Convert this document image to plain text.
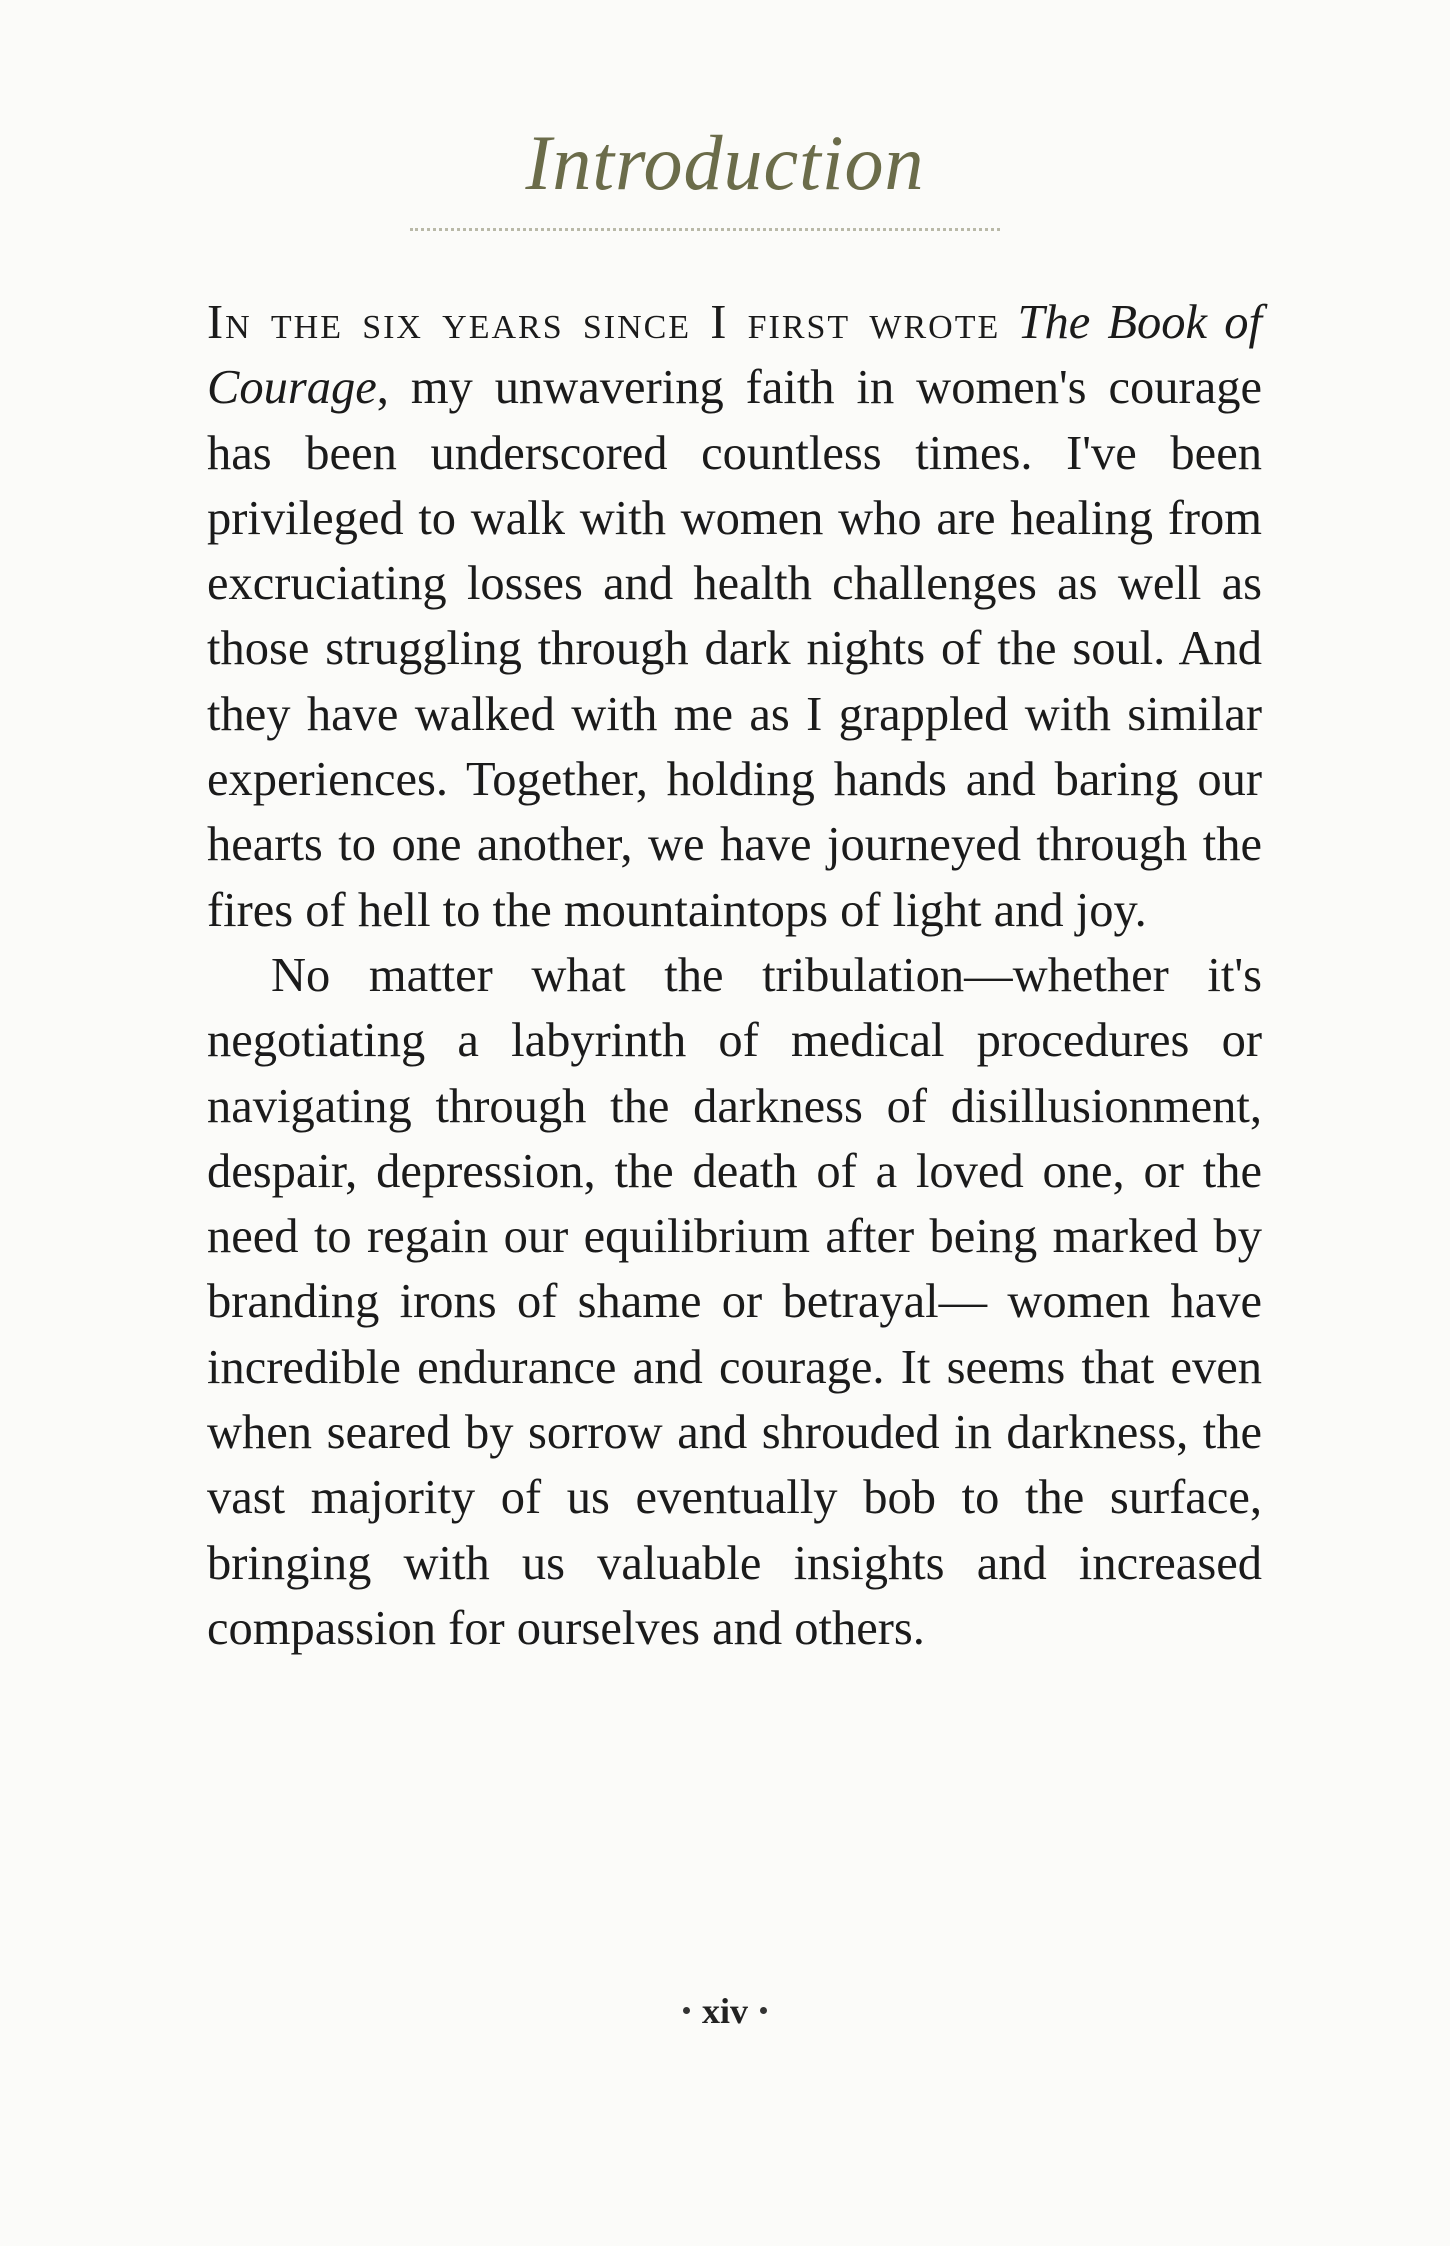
Introduction

In the six years since I first wrote The Book of Courage, my unwavering faith in women's courage has been underscored countless times. I've been privileged to walk with women who are healing from excruciating losses and health challenges as well as those struggling through dark nights of the soul. And they have walked with me as I grappled with similar experiences. Together, holding hands and baring our hearts to one another, we have journeyed through the fires of hell to the mountaintops of light and joy.

No matter what the tribulation—whether it's negotiating a labyrinth of medical procedures or navigating through the darkness of disillusionment, despair, depression, the death of a loved one, or the need to regain our equilibrium after being marked by branding irons of shame or betrayal— women have incredible endurance and courage. It seems that even when seared by sorrow and shrouded in darkness, the vast majority of us eventually bob to the surface, bringing with us valuable insights and increased compassion for ourselves and others.

xiv
